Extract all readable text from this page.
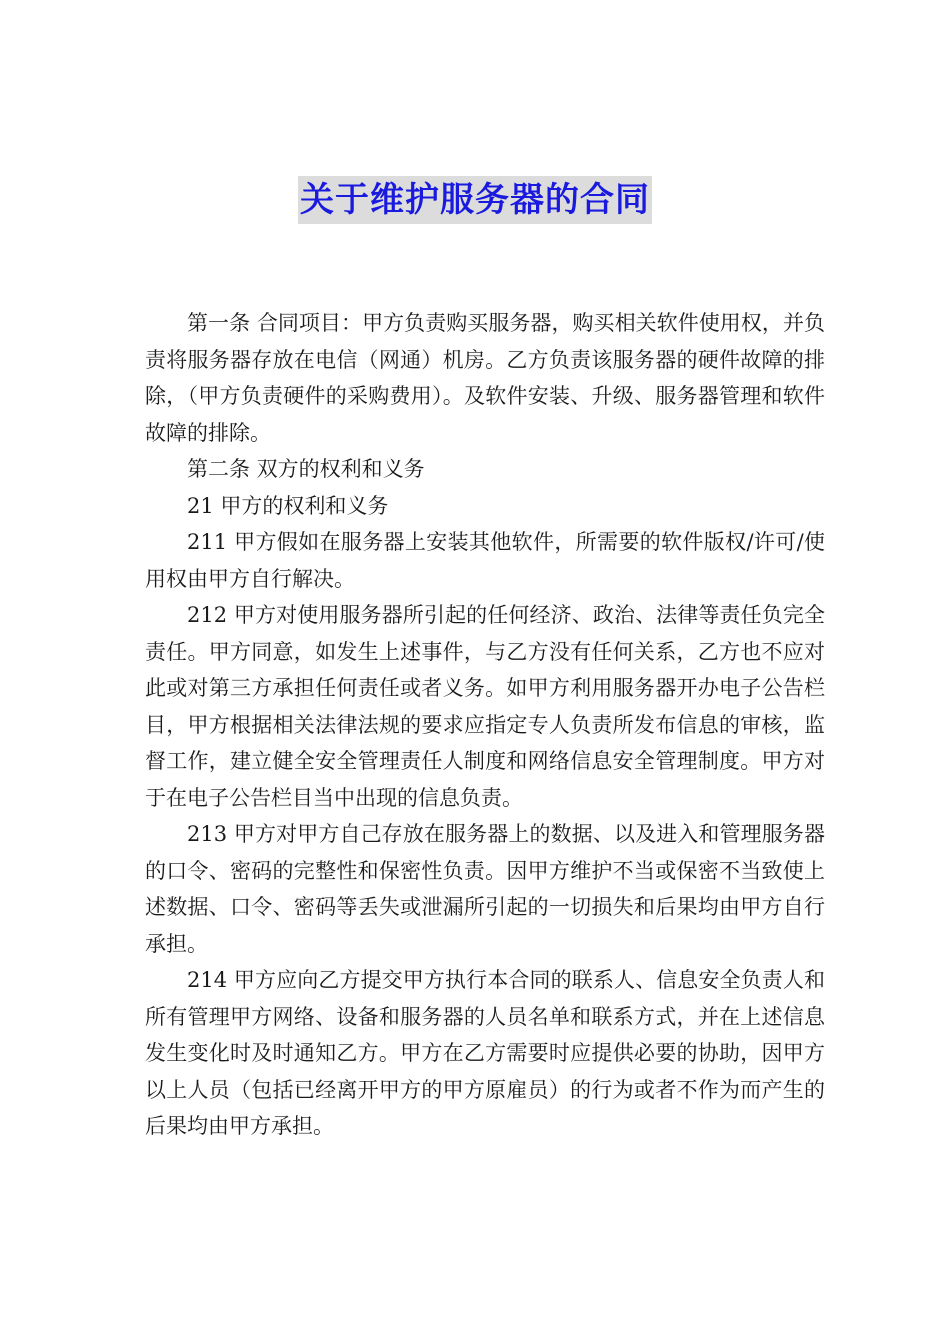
关于维护服务器的合同

第一条 合同项目：甲方负责购买服务器，购买相关软件使用权，并负责将服务器存放在电信（网通）机房。乙方负责该服务器的硬件故障的排除，（甲方负责硬件的采购费用）。及软件安装、升级、服务器管理和软件故障的排除。

第二条 双方的权利和义务

21 甲方的权利和义务

211 甲方假如在服务器上安装其他软件，所需要的软件版权/许可/使用权由甲方自行解决。

212 甲方对使用服务器所引起的任何经济、政治、法律等责任负完全责任。甲方同意，如发生上述事件，与乙方没有任何关系，乙方也不应对此或对第三方承担任何责任或者义务。如甲方利用服务器开办电子公告栏目，甲方根据相关法律法规的要求应指定专人负责所发布信息的审核，监督工作，建立健全安全管理责任人制度和网络信息安全管理制度。甲方对于在电子公告栏目当中出现的信息负责。

213 甲方对甲方自己存放在服务器上的数据、以及进入和管理服务器的口令、密码的完整性和保密性负责。因甲方维护不当或保密不当致使上述数据、口令、密码等丢失或泄漏所引起的一切损失和后果均由甲方自行承担。

214 甲方应向乙方提交甲方执行本合同的联系人、信息安全负责人和所有管理甲方网络、设备和服务器的人员名单和联系方式，并在上述信息发生变化时及时通知乙方。甲方在乙方需要时应提供必要的协助，因甲方以上人员（包括已经离开甲方的甲方原雇员）的行为或者不作为而产生的后果均由甲方承担。
